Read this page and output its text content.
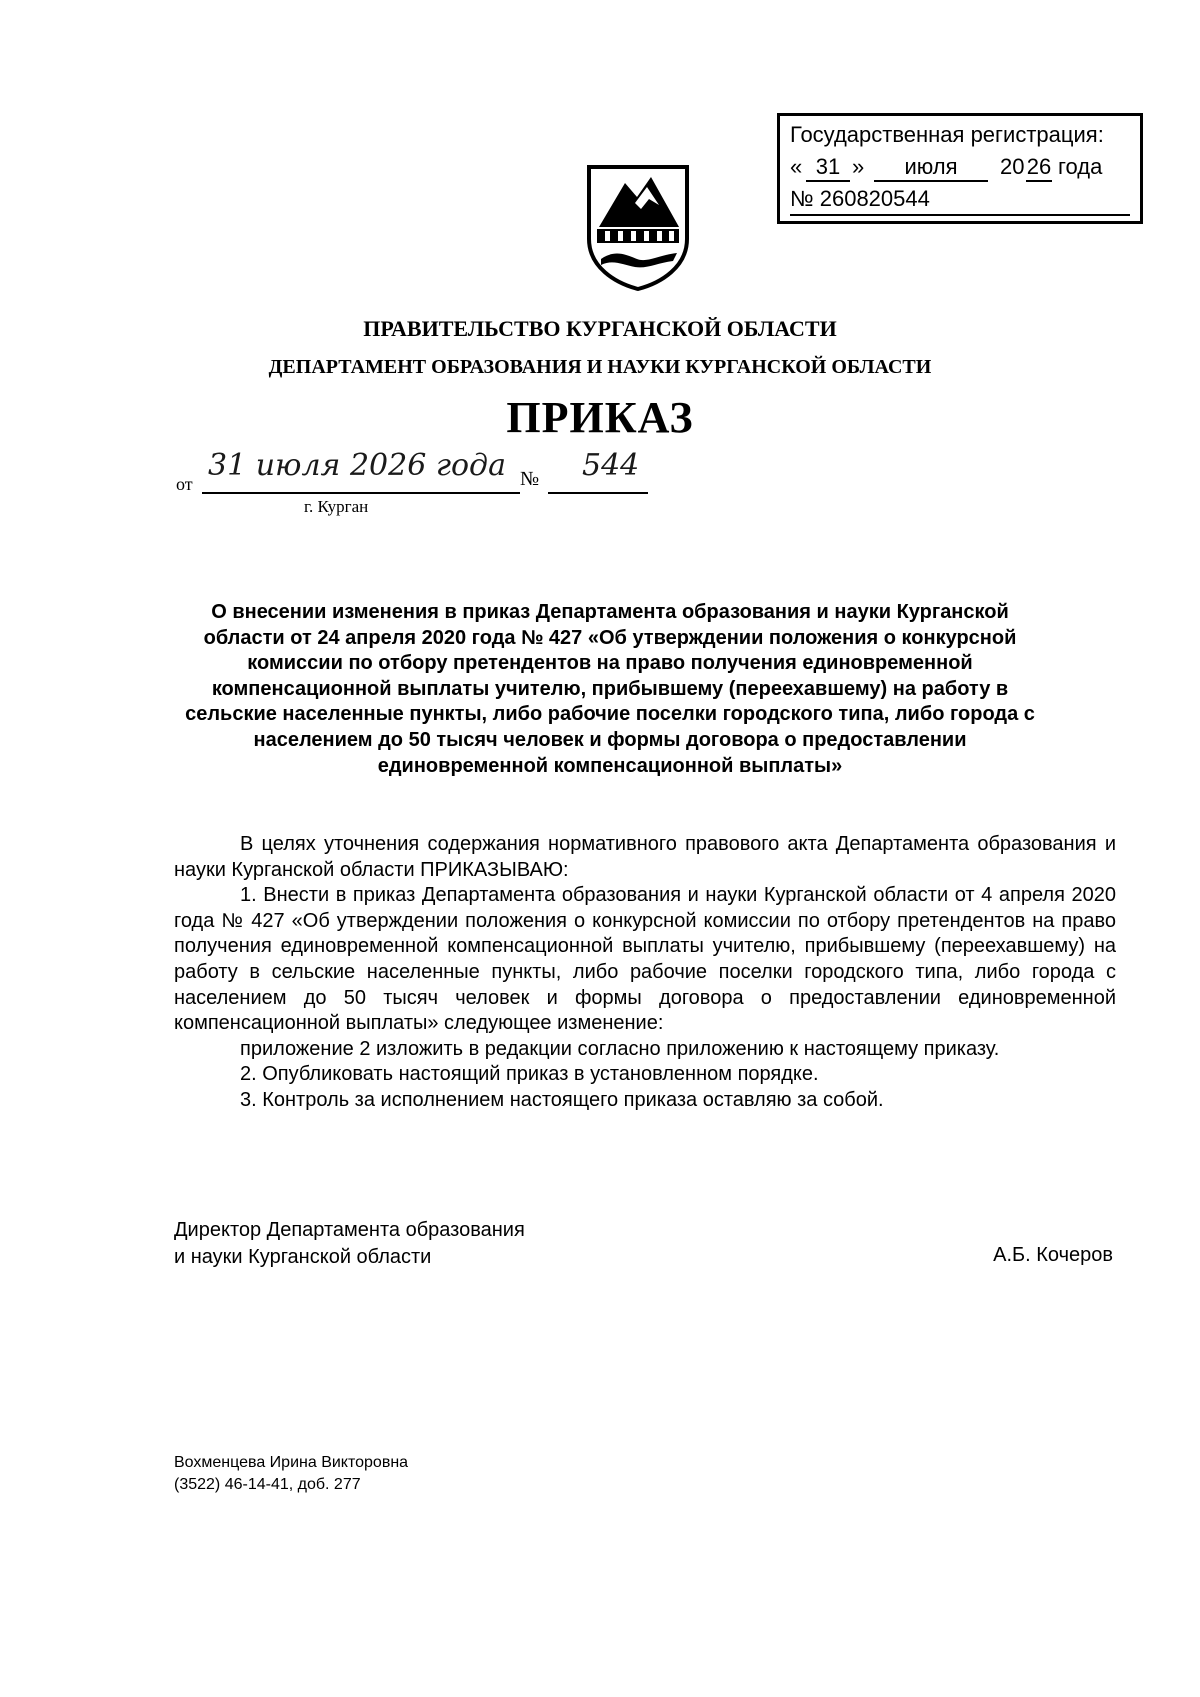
Государственная регистрация:
« 31 »	июля	20 26 года
№ 260820544
ПРАВИТЕЛЬСТВО КУРГАНСКОЙ ОБЛАСТИ
ДЕПАРТАМЕНТ ОБРАЗОВАНИЯ И НАУКИ КУРГАНСКОЙ ОБЛАСТИ
ПРИКАЗ
от
31 июля 2026 года № 544
г. Курган
О внесении изменения в приказ Департамента образования и науки Курганской области от 24 апреля 2020 года № 427 «Об утверждении положения о конкурсной комиссии по отбору претендентов на право получения единовременной компенсационной выплаты учителю, прибывшему (переехавшему) на работу в сельские населенные пункты, либо рабочие поселки городского типа, либо города с населением до 50 тысяч человек и формы договора о предоставлении единовременной компенсационной выплаты»

В целях уточнения содержания нормативного правового акта Департамента образования и науки Курганской области ПРИКАЗЫВАЮ:

1. Внести в приказ Департамента образования и науки Курганской области от 4 апреля 2020 года № 427 «Об утверждении положения о конкурсной комиссии по отбору претендентов на право получения единовременной компенсационной выплаты учителю, прибывшему (переехавшему) на работу в сельские населенные пункты, либо рабочие поселки городского типа, либо города с населением до 50 тысяч человек и формы договора о предоставлении единовременной компенсационной выплаты» следующее изменение:

приложение 2 изложить в редакции согласно приложению к настоящему приказу.

2. Опубликовать настоящий приказ в установленном порядке.

3. Контроль за исполнением настоящего приказа оставляю за собой.

Директор Департамента образования
и науки Курганской области	А.Б. Кочеров
Вохменцева Ирина Викторовна
(3522) 46-14-41, доб. 277
